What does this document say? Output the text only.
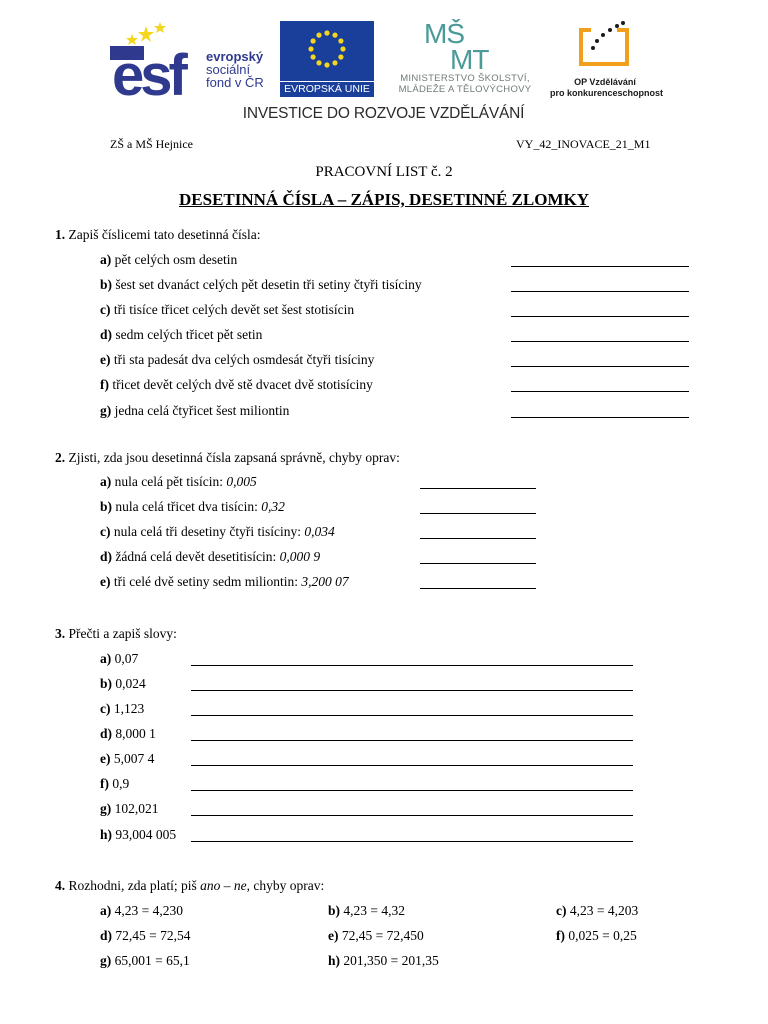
esf	evropský
sociální
fond v ČR	EVROPSKÁ UNIE
MŠ
MT
MINISTERSTVO ŠKOLSTVÍ,
MLÁDEŽE A TĚLOVÝCHOVY
OP Vzdělávání
pro konkurenceschopnost
INVESTICE DO ROZVOJE VZDĚLÁVÁNÍ
ZŠ a MŠ Hejnice	VY_42_INOVACE_21_M1
PRACOVNÍ LIST č. 2
DESETINNÁ ČÍSLA – ZÁPIS, DESETINNÉ ZLOMKY
1. Zapiš číslicemi tato desetinná čísla:
a) pět celých osm desetin
b) šest set dvanáct celých pět desetin tři setiny čtyři tisíciny
c) tři tisíce třicet celých devět set šest stotisícin
d) sedm celých třicet pět setin
e) tři sta padesát dva celých osmdesát čtyři tisíciny
f) třicet devět celých dvě stě dvacet dvě stotisíciny
g) jedna celá čtyřicet šest miliontin
2. Zjisti, zda jsou desetinná čísla zapsaná správně, chyby oprav:
a) nula celá pět tisícin: 0,005
b) nula celá třicet dva tisícin: 0,32
c) nula celá tři desetiny čtyři tisíciny: 0,034
d) žádná celá devět desetitisícin: 0,000 9
e) tři celé dvě setiny sedm miliontin: 3,200 07
3. Přečti a zapiš slovy:
a) 0,07
b) 0,024
c) 1,123
d) 8,000 1
e) 5,007 4
f) 0,9
g) 102,021
h) 93,004 005
4. Rozhodni, zda platí; piš ano – ne, chyby oprav:
a) 4,23 = 4,230	b) 4,23 = 4,32	c) 4,23 = 4,203
d) 72,45 = 72,54	e) 72,45 = 72,450	f) 0,025 = 0,25
g) 65,001 = 65,1	h) 201,350 = 201,35
